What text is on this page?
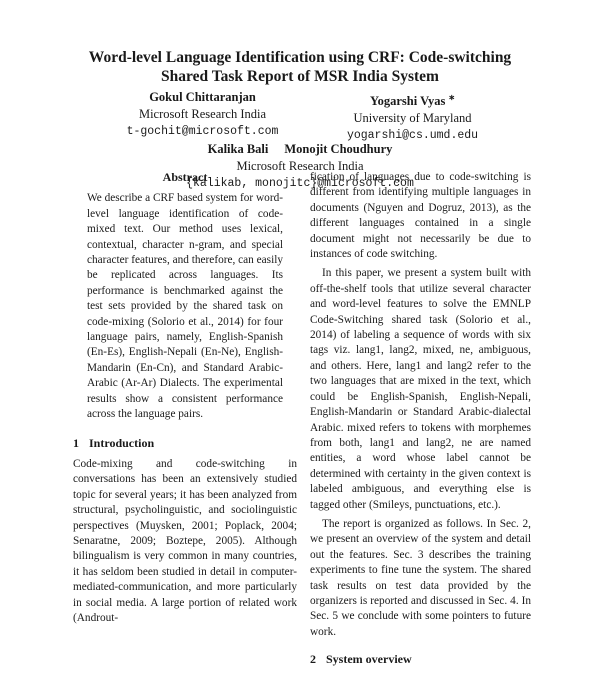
Word-level Language Identification using CRF: Code-switching Shared Task Report of MSR India System
Gokul Chittaranjan
Microsoft Research India
t-gochit@microsoft.com
Yogarshi Vyas ∗
University of Maryland
yogarshi@cs.umd.edu
Kalika Bali Monojit Choudhury
Microsoft Research India
{kalikab, monojitc}@microsoft.com
Abstract

We describe a CRF based system for word-level language identification of code-mixed text. Our method uses lexical, contextual, character n-gram, and special character features, and therefore, can easily be replicated across languages. Its performance is benchmarked against the test sets provided by the shared task on code-mixing (Solorio et al., 2014) for four language pairs, namely, English-Spanish (En-Es), English-Nepali (En-Ne), English-Mandarin (En-Cn), and Standard Arabic-Arabic (Ar-Ar) Dialects. The experimental results show a consistent performance across the language pairs.

1 Introduction

Code-mixing and code-switching in conversations has been an extensively studied topic for several years; it has been analyzed from structural, psycholinguistic, and sociolinguistic perspectives (Muysken, 2001; Poplack, 2004; Senaratne, 2009; Boztepe, 2005). Although bilingualism is very common in many countries, it has seldom been studied in detail in computer-mediated-communication, and more particularly in social media. A large portion of related work (Androut-

fication of languages due to code-switching is different from identifying multiple languages in documents (Nguyen and Dogruz, 2013), as the different languages contained in a single document might not necessarily be due to instances of code switching.

In this paper, we present a system built with off-the-shelf tools that utilize several character and word-level features to solve the EMNLP Code-Switching shared task (Solorio et al., 2014) of labeling a sequence of words with six tags viz. lang1, lang2, mixed, ne, ambiguous, and others. Here, lang1 and lang2 refer to the two languages that are mixed in the text, which could be English-Spanish, English-Nepali, English-Mandarin or Standard Arabic-dialectal Arabic. mixed refers to tokens with morphemes from both, lang1 and lang2, ne are named entities, a word whose label cannot be determined with certainty in the given context is labeled ambiguous, and everything else is tagged other (Smileys, punctuations, etc.).

The report is organized as follows. In Sec. 2, we present an overview of the system and detail out the features. Sec. 3 describes the training experiments to fine tune the system. The shared task results on test data provided by the organizers is reported and discussed in Sec. 4. In Sec. 5 we conclude with some pointers to future work.

2 System overview
